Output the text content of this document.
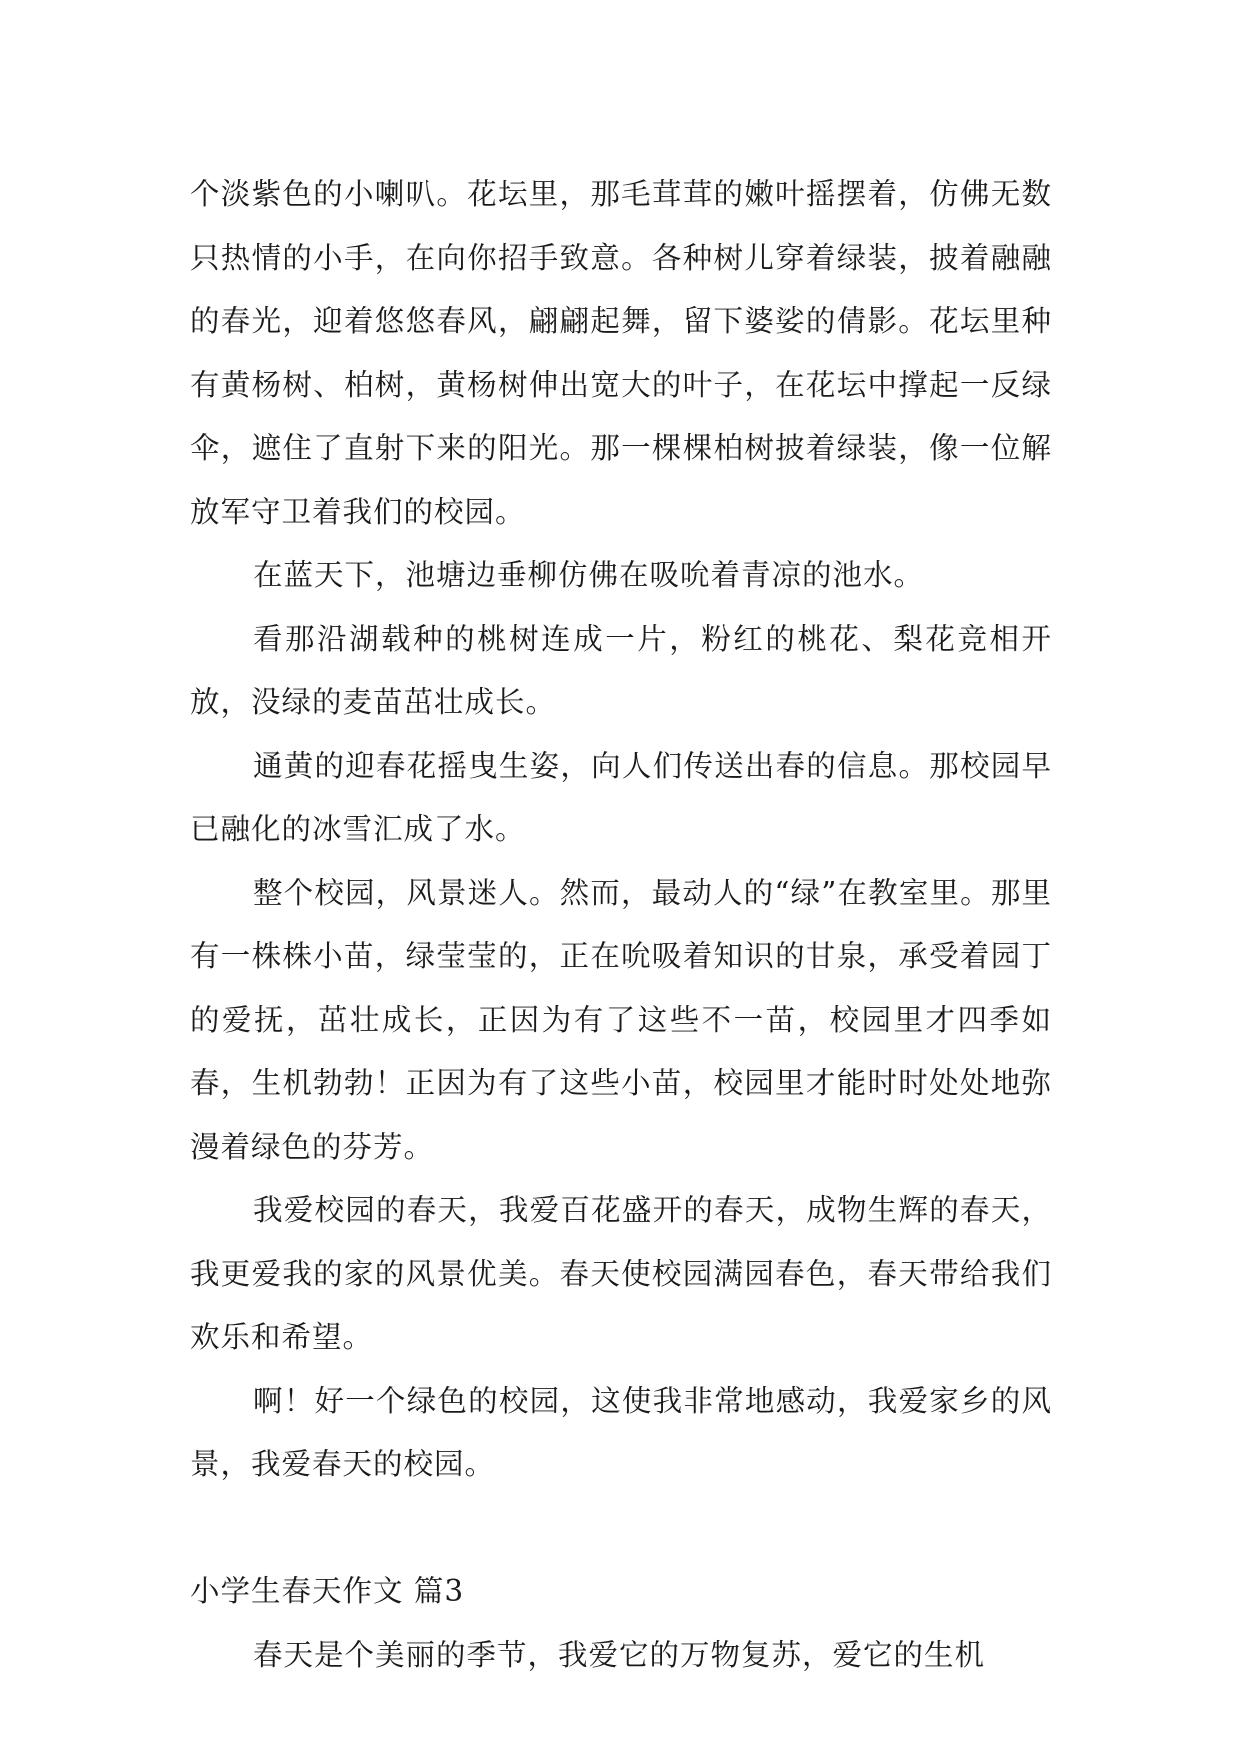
个淡紫色的小喇叭。花坛里，那毛茸茸的嫩叶摇摆着，仿佛无数只热情的小手，在向你招手致意。各种树儿穿着绿装，披着融融的春光，迎着悠悠春风，翩翩起舞，留下婆娑的倩影。花坛里种有黄杨树、柏树，黄杨树伸出宽大的叶子，在花坛中撑起一反绿伞，遮住了直射下来的阳光。那一棵棵柏树披着绿装，像一位解放军守卫着我们的校园。

在蓝天下，池塘边垂柳仿佛在吸吮着青凉的池水。

看那沿湖载种的桃树连成一片，粉红的桃花、梨花竞相开放，没绿的麦苗茁壮成长。

通黄的迎春花摇曳生姿，向人们传送出春的信息。那校园早已融化的冰雪汇成了水。

整个校园，风景迷人。然而，最动人的“绿”在教室里。那里有一株株小苗，绿莹莹的，正在吮吸着知识的甘泉，承受着园丁的爱抚，茁壮成长，正因为有了这些不一苗，校园里才四季如春，生机勃勃！正因为有了这些小苗，校园里才能时时处处地弥漫着绿色的芬芳。

我爱校园的春天，我爱百花盛开的春天，成物生辉的春天，我更爱我的家的风景优美。春天使校园满园春色，春天带给我们欢乐和希望。

啊！好一个绿色的校园，这使我非常地感动，我爱家乡的风景，我爱春天的校园。

小学生春天作文 篇3

春天是个美丽的季节，我爱它的万物复苏，爱它的生机
